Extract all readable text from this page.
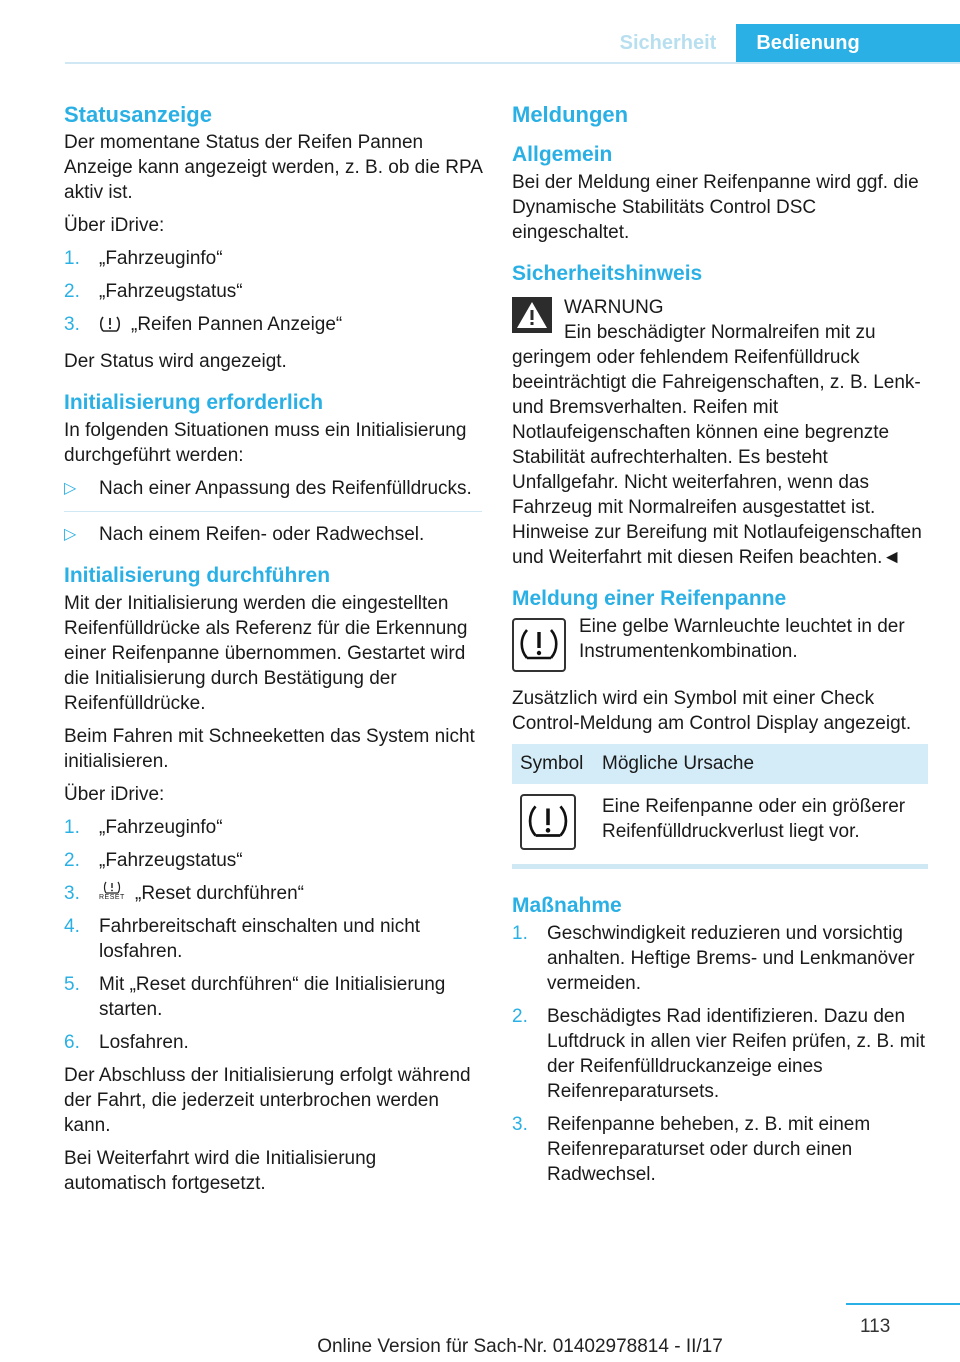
Sicherheit	Bedienung
Statusanzeige

Der momentane Status der Reifen Pannen Anzeige kann angezeigt werden, z. B. ob die RPA aktiv ist.

Über iDrive:

1. „Fahrzeuginfo“
2. „Fahrzeugstatus“
3.	„Reifen Pannen Anzeige“

Der Status wird angezeigt.

Initialisierung erforderlich

In folgenden Situationen muss ein Initialisierung durchgeführt werden:

▷ Nach einer Anpassung des Reifenfülldrucks.
▷ Nach einem Reifen- oder Radwechsel.
Initialisierung durchführen

Mit der Initialisierung werden die eingestellten Reifenfülldrücke als Referenz für die Erkennung einer Reifenpanne übernommen. Gestartet wird die Initialisierung durch Bestätigung der Reifenfülldrücke.

Beim Fahren mit Schneeketten das System nicht initialisieren.

Über iDrive:

1. „Fahrzeuginfo“
2. „Fahrzeugstatus“
3.	RESET „Reset durchführen“
4. Fahrbereitschaft einschalten und nicht losfahren.
5. Mit „Reset durchführen“ die Initialisierung starten.
6. Losfahren.

Der Abschluss der Initialisierung erfolgt während der Fahrt, die jederzeit unterbrochen werden kann.

Bei Weiterfahrt wird die Initialisierung automatisch fortgesetzt.

Meldungen
Allgemein

Bei der Meldung einer Reifenpanne wird ggf. die Dynamische Stabilitäts Control DSC eingeschaltet.

Sicherheitshinweis

WARNUNG

Ein beschädigter Normalreifen mit zu geringem oder fehlendem Reifenfülldruck beeinträchtigt die Fahreigenschaften, z. B. Lenk- und Bremsverhalten. Reifen mit Notlaufeigenschaften können eine begrenzte Stabilität aufrechterhalten. Es besteht Unfallgefahr. Nicht weiterfahren, wenn das Fahrzeug mit Normalreifen ausgestattet ist. Hinweise zur Bereifung mit Notlaufeigenschaften und Weiterfahrt mit diesen Reifen beachten.◄

Meldung einer Reifenpanne

Eine gelbe Warnleuchte leuchtet in der Instrumentenkombination.

Zusätzlich wird ein Symbol mit einer Check Control-Meldung am Control Display angezeigt.

Symbol	Mögliche Ursache

	Eine Reifenpanne oder ein größerer Reifenfülldruckverlust liegt vor.
Maßnahme
1. Geschwindigkeit reduzieren und vorsichtig anhalten. Heftige Brems- und Lenkmanöver vermeiden.
2. Beschädigtes Rad identifizieren. Dazu den Luftdruck in allen vier Reifen prüfen, z. B. mit der Reifenfülldruckanzeige eines Reifenreparatursets.
3. Reifenpanne beheben, z. B. mit einem Reifenreparaturset oder durch einen Radwechsel.
113
Online Version für Sach-Nr. 01402978814 - II/17
